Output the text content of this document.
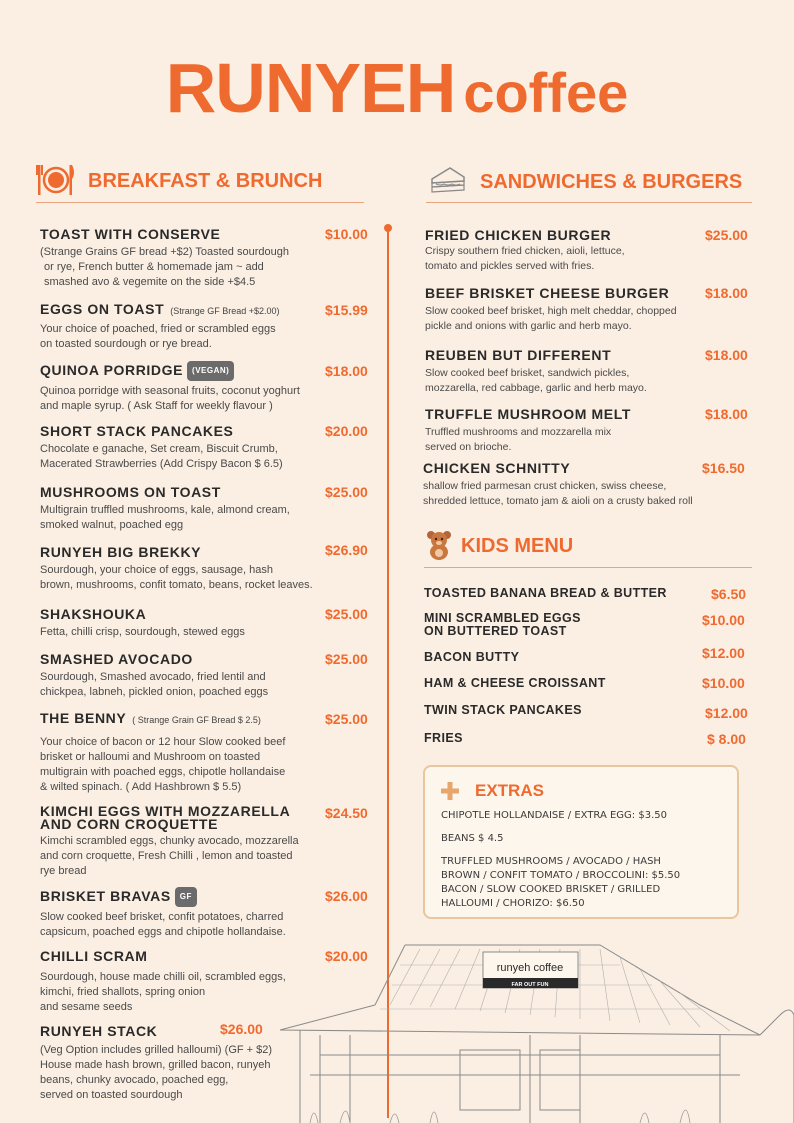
RUNYEH coffee
BREAKFAST & BRUNCH	SANDWICHES & BURGERS
TOAST WITH CONSERVE
(Strange Grains GF bread +$2) Toasted sourdough
or rye, French butter & homemade jam ~ add
smashed avo & vegemite on the side +$4.5
$10.00
EGGS ON TOAST (Strange GF Bread +$2.00)
Your choice of poached, fried or scrambled eggs
on toasted sourdough or rye bread.
$15.99
QUINOA PORRIDGE (VEGAN)
Quinoa porridge with seasonal fruits, coconut yoghurt
and maple syrup. ( Ask Staff for weekly flavour )
$18.00
SHORT STACK PANCAKES
Chocolate e ganache, Set cream, Biscuit Crumb,
Macerated Strawberries (Add Crispy Bacon $ 6.5)
$20.00
MUSHROOMS ON TOAST
Multigrain truffled mushrooms, kale, almond cream,
smoked walnut, poached egg
$25.00
RUNYEH BIG BREKKY
Sourdough, your choice of eggs, sausage, hash
brown, mushrooms, confit tomato, beans, rocket leaves.
$26.90
SHAKSHOUKA
Fetta, chilli crisp, sourdough, stewed eggs
$25.00
SMASHED AVOCADO
Sourdough, Smashed avocado, fried lentil and
chickpea, labneh, pickled onion, poached eggs
$25.00
THE BENNY ( Strange Grain GF Bread $ 2.5)
Your choice of bacon or 12 hour Slow cooked beef
brisket or halloumi and Mushroom on toasted
multigrain with poached eggs, chipotle hollandaise
& wilted spinach. ( Add Hashbrown $ 5.5)
$25.00
KIMCHI EGGS WITH MOZZARELLA
AND CORN CROQUETTE
Kimchi scrambled eggs, chunky avocado, mozzarella
and corn croquette, Fresh Chilli , lemon and toasted
rye bread
$24.50
BRISKET BRAVAS GF
Slow cooked beef brisket, confit potatoes, charred
capsicum, poached eggs and chipotle hollandaise.
$26.00
CHILLI SCRAM
Sourdough, house made chilli oil, scrambled eggs,
kimchi, fried shallots, spring onion
and sesame seeds
$20.00
RUNYEH STACK
(Veg Option includes grilled halloumi) (GF + $2)
House made hash brown, grilled bacon, runyeh
beans, chunky avocado, poached egg,
served on toasted sourdough
$26.00
FRIED CHICKEN BURGER
Crispy southern fried chicken, aioli, lettuce,
tomato and pickles served with fries.
$25.00
BEEF BRISKET CHEESE BURGER
Slow cooked beef brisket, high melt cheddar, chopped
pickle and onions with garlic and herb mayo.
$18.00
REUBEN BUT DIFFERENT
Slow cooked beef brisket, sandwich pickles,
mozzarella, red cabbage, garlic and herb mayo.
$18.00
TRUFFLE MUSHROOM MELT
Truffled mushrooms and mozzarella mix
served on brioche.
$18.00
CHICKEN SCHNITTY
shallow fried parmesan crust chicken, swiss cheese,
shredded lettuce, tomato jam & aioli on a crusty baked roll
$16.50
KIDS MENU
TOASTED BANANA BREAD & BUTTER	$6.50
MINI SCRAMBLED EGGS
ON BUTTERED TOAST
$10.00
BACON BUTTY	$12.00
HAM & CHEESE CROISSANT	$10.00
TWIN STACK PANCAKES	$12.00
FRIES	$ 8.00
EXTRAS
CHIPOTLE HOLLANDAISE / EXTRA EGG: $3.50
BEANS $ 4.5
TRUFFLED MUSHROOMS / AVOCADO / HASH
BROWN / CONFIT TOMATO / BROCCOLINI: $5.50
BACON / SLOW COOKED BRISKET / GRILLED
HALLOUMI / CHORIZO: $6.50
runyeh coffee
FAR OUT FUN
